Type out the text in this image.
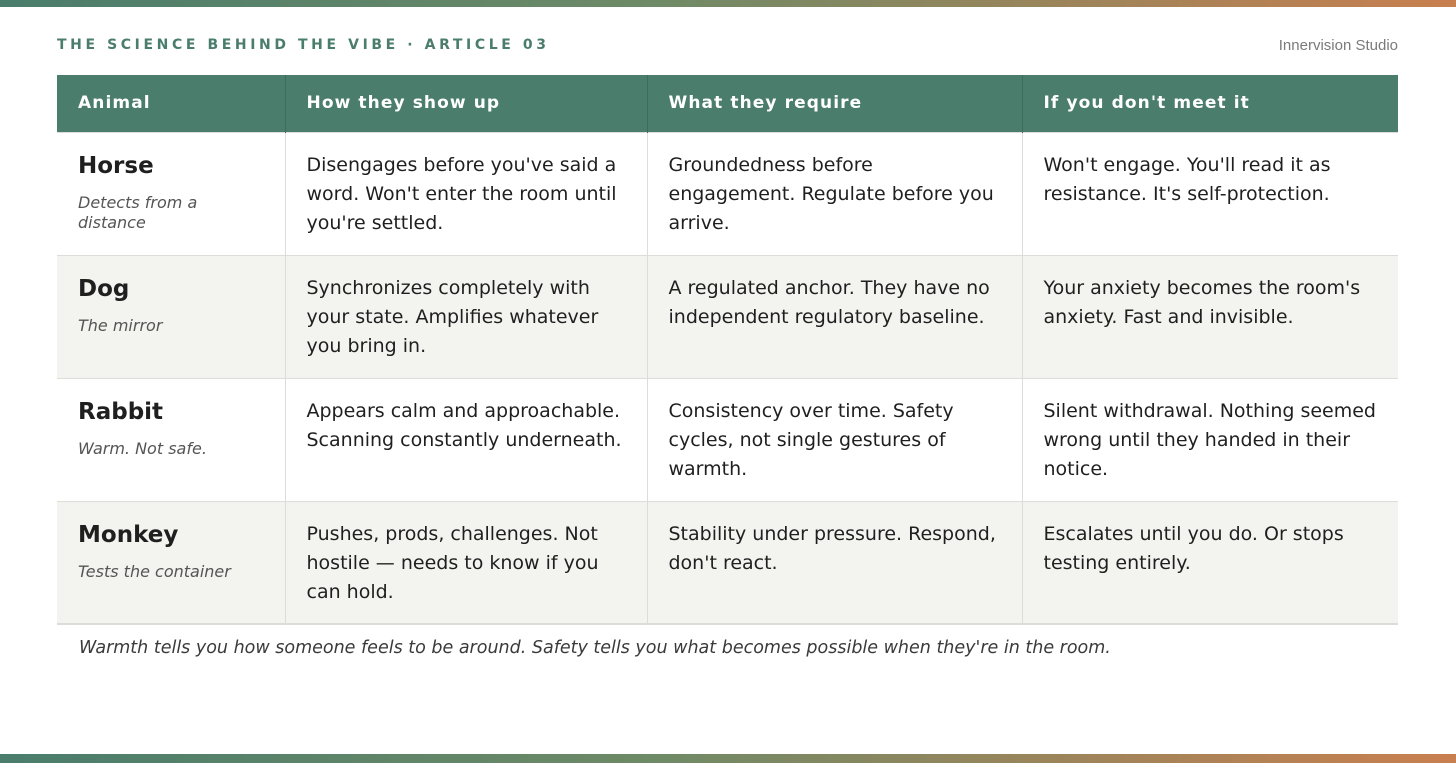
THE SCIENCE BEHIND THE VIBE · ARTICLE 03	Innervision Studio
Animal	How they show up	What they require	If you don't meet it

Horse
Detects from a distance	Disengages before you've said a word. Won't enter the room until you're settled.	Groundedness before engagement. Regulate before you arrive.	Won't engage. You'll read it as resistance. It's self-protection.

Dog
The mirror	Synchronizes completely with your state. Amplifies whatever you bring in.	A regulated anchor. They have no independent regulatory baseline.	Your anxiety becomes the room's anxiety. Fast and invisible.

Rabbit
Warm. Not safe.	Appears calm and approachable. Scanning constantly underneath.	Consistency over time. Safety cycles, not single gestures of warmth.	Silent withdrawal. Nothing seemed wrong until they handed in their notice.

Monkey
Tests the container	Pushes, prods, challenges. Not hostile — needs to know if you can hold.	Stability under pressure. Respond, don't react.	Escalates until you do. Or stops testing entirely.
Warmth tells you how someone feels to be around. Safety tells you what becomes possible when they're in the room.
